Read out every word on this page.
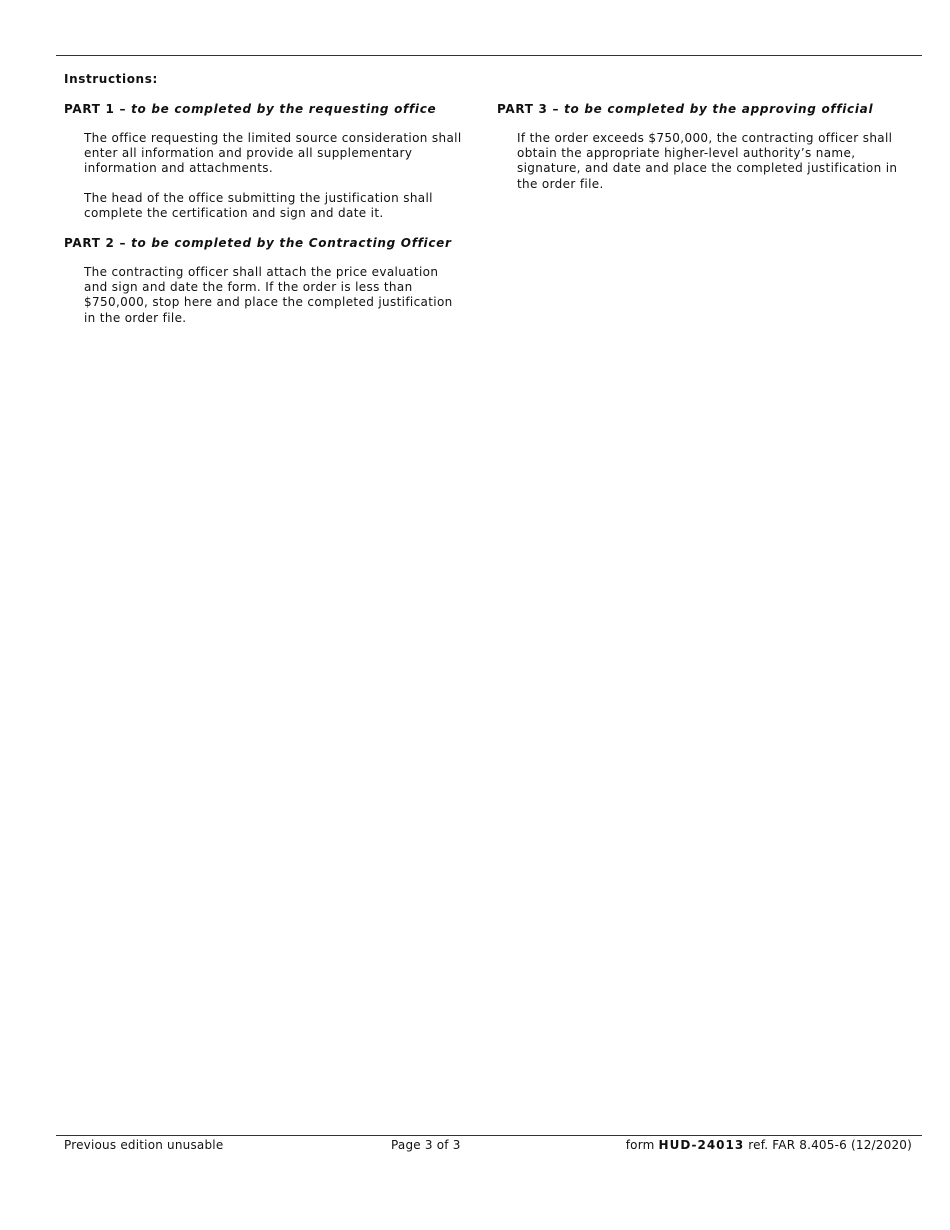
Instructions:
PART 1 – to be completed by the requesting office

The office requesting the limited source consideration shall enter all information and provide all supplementary information and attachments.

The head of the office submitting the justification shall complete the certification and sign and date it.

PART 2 – to be completed by the Contracting Officer

The contracting officer shall attach the price evaluation and sign and date the form. If the order is less than $750,000, stop here and place the completed justification in the order file.

PART 3 – to be completed by the approving official

If the order exceeds $750,000, the contracting officer shall obtain the appropriate higher-level authority’s name, signature, and date and place the completed justification in the order file.

Previous edition unusable	Page 3 of 3	form HUD-24013 ref. FAR 8.405-6 (12/2020)
